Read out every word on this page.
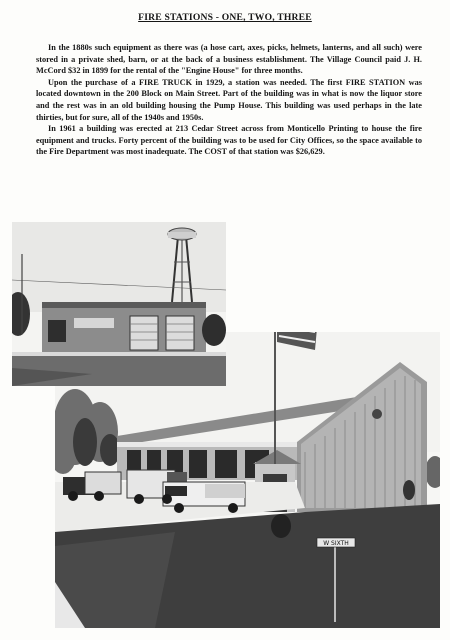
FIRE STATIONS - ONE, TWO, THREE

In the 1880s such equipment as there was (a hose cart, axes, picks, helmets, lanterns, and all such) were stored in a private shed, barn, or at the back of a business establishment. The Village Council paid J. H. McCord $32 in 1899 for the rental of the "Engine House" for three months.

Upon the purchase of a FIRE TRUCK in 1929, a station was needed. The first FIRE STATION was located downtown in the 200 Block on Main Street. Part of the building was in what is now the liquor store and the rest was in an old building housing the Pump House. This building was used perhaps in the late thirties, but for sure, all of the 1940s and 1950s.

In 1961 a building was erected at 213 Cedar Street across from Monticello Printing to house the fire equipment and trucks. Forty percent of the building was to be used for City Offices, so the space available to the Fire Department was most inadequate. The COST of that station was $26,629.

W SIXTH
